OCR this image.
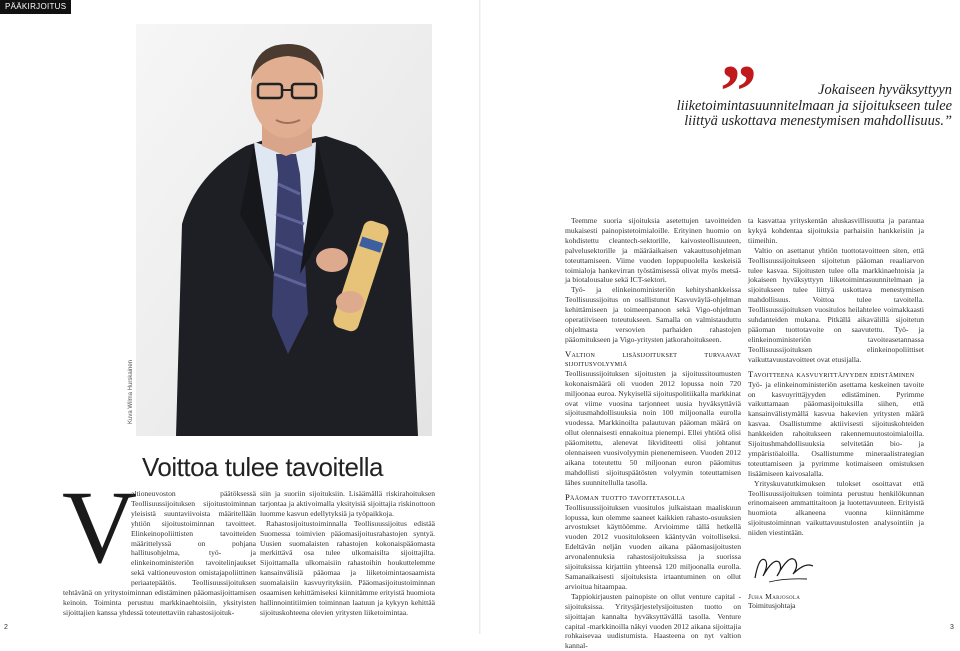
PÄÄKIRJOITUS
Kuva Wilma Hurskainen
”	Jokaiseen hyväksyttyyn liiketoimintasuunnitelmaan ja sijoitukseen tulee liittyä uskottava menestymisen mahdollisuus.”
Voittoa tulee tavoitella
V

altioneuvoston päätöksessä Teollisuussijoituksen sijoitustoiminnan yleisistä suuntaviivoista määritellään yhtiön sijoitustoiminnan tavoitteet. Elinkeinopoliittisten tavoitteiden määrittelyssä on pohjana hallitusohjelma, työ- ja elinkeinoministeriön tavoitelinjaukset sekä valtioneuvoston omistajapoliittinen periaatepäätös. Teollisuussijoituksen tehtävänä on yritystoiminnan edistäminen pääomasijoittamisen keinoin. Toiminta perustuu markkinaehtoisiin, yksityisten sijoittajien kanssa yhdessä toteutettaviin rahastosijoituk-

siin ja suoriin sijoituksiin. Lisäämällä riskirahoituksen tarjontaa ja aktivoimalla yksityisiä sijoittajia riskinottoon luomme kasvun edellytyksiä ja työpaikkoja.

Rahastosijoitustoiminnalla Teollisuussijoitus edistää Suomessa toimivien pääomasijoitusrahastojen syntyä. Uusien suomalaisten rahastojen kokonaispääomasta merkittävä osa tulee ulkomaisilta sijoittajilta. Sijoittamalla ulkomaisiin rahastoihin houkuttelemme kansainvälisiä pääomaa ja liiketoimintaosaamista suomalaisiin kasvuyrityksiin. Pääomasijoitustoiminnan osaamisen kehittämiseksi kiinnitämme erityistä huomiota hallinnointitiimien toiminnan laatuun ja kykyyn kehittää sijoituskohteena olevien yritysten liiketoimintaa.

Teemme suoria sijoituksia asetettujen tavoitteiden mukaisesti painopistetoimialoille. Erityinen huomio on kohdistettu cleantech-sektorille, kaivosteollisuuteen, palvelusektorille ja määräaikaisen vakauttusohjelman toteuttamiseen. Viime vuoden loppupuolella keskeisiä toimialoja hankevirran työstämisessä olivat myös metsä- ja biotalousalue sekä ICT-sektori.

Työ- ja elinkeinoministeriön kehityshankkeissa Teollisuussijoitus on osallistunut Kasvuväylä-ohjelman kehittämiseen ja toimeenpanoon sekä Vigo-ohjelman operatiiviseen toteutukseen. Samalla on valmistauduttu ohjelmasta versovien parhaiden rahastojen pääomitukseen ja Vigo-yritysten jatkorahoitukseen.

Valtion lisäsijoitukset turvaavat sijoitusvolyymiä

Teollisuussijoituksen sijoitusten ja sijoitussitoumusten kokonaismäärä oli vuoden 2012 lopussa noin 720 miljoonaa euroa. Nykyisellä sijoituspolitiikalla markkinat ovat viime vuosina tarjonneet uusia hyväksyttäviä sijoitusmahdollisuuksia noin 100 miljoonalla eurolla vuodessa. Markkinoilta palautuvan pääoman määrä on ollut olennaisesti ennakoitua pienempi. Ellei yhtiötä olisi pääomitettu, alenevat likviditeetti olisi johtanut olennaiseen vuosivolyymin pienenemiseen. Vuoden 2012 aikana toteutettu 50 miljoonan euron pääomitus mahdollisti sijoituspäätösten volyymin toteuttamisen lähes suunnitellulla tasolla.

Pääoman tuotto tavoitetasolla

Teollisuussijoituksen vuositulos julkaistaan maaliskuun lopussa, kun olemme saaneet kaikkien rahasto-osuuksien arvostukset käyttöömme. Arvioimme tällä hetkellä vuoden 2012 vuositulokseen kääntyvän voitolliseksi. Edeltävän neljän vuoden aikana pääomasijoitusten arvonalennuksia rahastosijoituksissa ja suorissa sijoituksissa kirjattiin yhteensä 120 miljoonalla eurolla. Samanaikaisesti sijoituksista irtaantuminen on ollut arvioitua hitaampaa.

Tappiokirjausten painopiste on ollut venture capital -sijoituksissa. Yritysjärjestelysijoitusten tuotto on sijoittajan kannalta hyväksyttävällä tasolla. Venture capital -markkinoilla näkyi vuoden 2012 aikana sijoittajia rohkaisevaa uudistumista. Haasteena on nyt valtion kannal-

ta kasvattaa yrityskentän aluskasvillisuutta ja parantaa kykyä kohdentaa sijoituksia parhaisiin hankkeisiin ja tiimeihin.

Valtio on asettanut yhtiön tuottotavoitteen siten, että Teollisuussijoitukseen sijoitetun pääoman reaaliarvon tulee kasvaa. Sijoitusten tulee olla markkinaehtoisia ja jokaiseen hyväksyttyyn liiketoimintasuunnitelmaan ja sijoitukseen tulee liittyä uskottava menestymisen mahdollisuus. Voittoa tulee tavoitella. Teollisuussijoituksen vuositulos heilahtelee voimakkaasti suhdanteiden mukana. Pitkällä aikavälillä sijoitetun pääoman tuottotavoite on saavutettu. Työ- ja elinkeinoministeriön tavoiteasetannassa Teollisuussijoituksen elinkeinopoliittiset vaikuttavuustavoitteet ovat etusijalla.

Tavoitteena kasvuyrittäjyyden edistäminen

Työ- ja elinkeinoministeriön asettama keskeinen tavoite on kasvuyrittäjyyden edistäminen. Pyrimme vaikuttamaan pääomasijoituksilla siihen, että kansainvälistymällä kasvua hakevien yritysten määrä kasvaa. Osallistumme aktiivisesti sijoituskohteiden hankkeiden rahoitukseen rakennemuutostoimialoilla. Sijoitushmahdollisuuksia selvitetään bio- ja ympäristöaloilla. Osallistumme mineraalistrategian toteuttamiseen ja pyrimme kotimaiseen omistuksen lisäämiseen kaivosalalla.

Yrityskuvatutkimuksen tulokset osoittavat että Teollisuussijoituksen toiminta perustuu henkilökunnan erinomaiseen ammattitaitoon ja luotettavuuteen. Erityistä huomiota alkaneena vuonna kiinnitämme sijoitustoiminnan vaikuttavuustulosten analysointiin ja niiden viestintään.

Juha Marjosola
Toimitusjohtaja
2	3
